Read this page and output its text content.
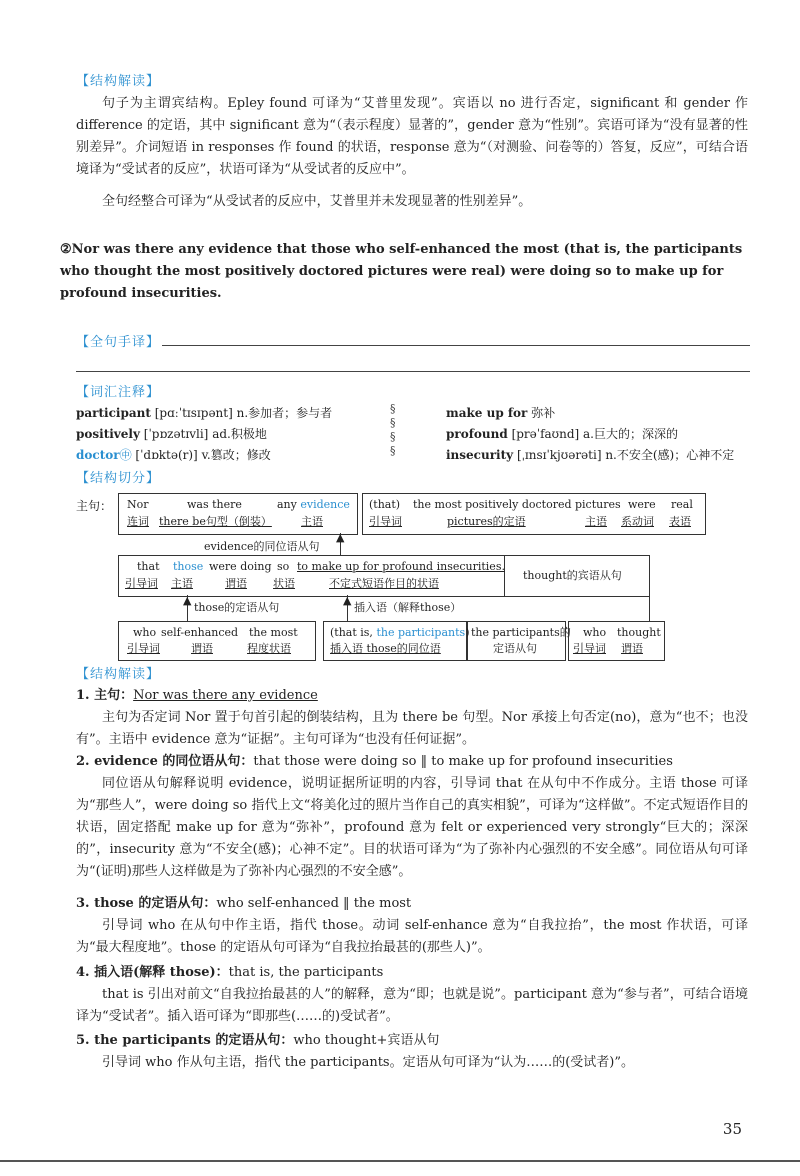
【结构解读】
句子为主谓宾结构。Epley found 可译为“艾普里发现”。宾语以 no 进行否定，significant 和 gender 作 difference 的定语，其中 significant 意为“（表示程度）显著的”，gender 意为“性别”。宾语可译为“没有显著的性别差异”。介词短语 in responses 作 found 的状语，response 意为“（对测验、问卷等的）答复，反应”，可结合语境译为“受试者的反应”，状语可译为“从受试者的反应中”。
全句经整合可译为“从受试者的反应中，艾普里并未发现显著的性别差异”。
②Nor was there any evidence that those who self-enhanced the most (that is, the participants who thought the most positively doctored pictures were real) were doing so to make up for profound insecurities.
【全句手译】
【词汇注释】
participant [pɑːˈtɪsɪpənt] n.参加者；参与者
positively [ˈpɒzətɪvli] ad.积极地
doctor㊥ [ˈdɒktə(r)] v.篡改；修改
§
§
§
§
make up for 弥补
profound [prəˈfaʊnd] a.巨大的；深深的
insecurity [ˌɪnsɪˈkjʊərəti] n.不安全(感)；心神不定
【结构切分】
主句： Nor
连词
was there
there be句型（倒装）
any evidence
主语
(that)
引导词
the most positively doctored
pictures的定语
pictures
主语
were
系动词
real
表语
▲
evidence的同位语从句
that
引导词
those
主语
were doing
谓语
so
状语
to make up for profound insecurities.
不定式短语作目的状语
thought的宾语从句
▲
those的定语从句
▲
插入语（解释those）
who
引导词
self-enhanced
谓语
the most
程度状语
(that is, the participants)
插入语 those的同位语
the participants的
定语从句
who
引导词
thought
谓语
【结构解读】
1. 主句：Nor was there any evidence
主句为否定词 Nor 置于句首引起的倒装结构，且为 there be 句型。Nor 承接上句否定(no)，意为“也不；也没有”。主语中 evidence 意为“证据”。主句可译为“也没有任何证据”。
2. evidence 的同位语从句：that those were doing so ‖ to make up for profound insecurities
同位语从句解释说明 evidence，说明证据所证明的内容，引导词 that 在从句中不作成分。主语 those 可译为“那些人”，were doing so 指代上文“将美化过的照片当作自己的真实相貌”，可译为“这样做”。不定式短语作目的状语，固定搭配 make up for 意为“弥补”，profound 意为 felt or experienced very strongly“巨大的；深深的”，insecurity 意为“不安全(感)；心神不定”。目的状语可译为“为了弥补内心强烈的不安全感”。同位语从句可译为“(证明)那些人这样做是为了弥补内心强烈的不安全感”。
3. those 的定语从句：who self-enhanced ‖ the most
引导词 who 在从句中作主语，指代 those。动词 self-enhance 意为“自我拉抬”，the most 作状语，可译为“最大程度地”。those 的定语从句可译为“自我拉抬最甚的(那些人)”。
4. 插入语(解释 those)：that is, the participants
that is 引出对前文“自我拉抬最甚的人”的解释，意为“即；也就是说”。participant 意为“参与者”，可结合语境译为“受试者”。插入语可译为“即那些(……的)受试者”。
5. the participants 的定语从句：who thought+宾语从句
引导词 who 作从句主语，指代 the participants。定语从句可译为“认为……的(受试者)”。
35
